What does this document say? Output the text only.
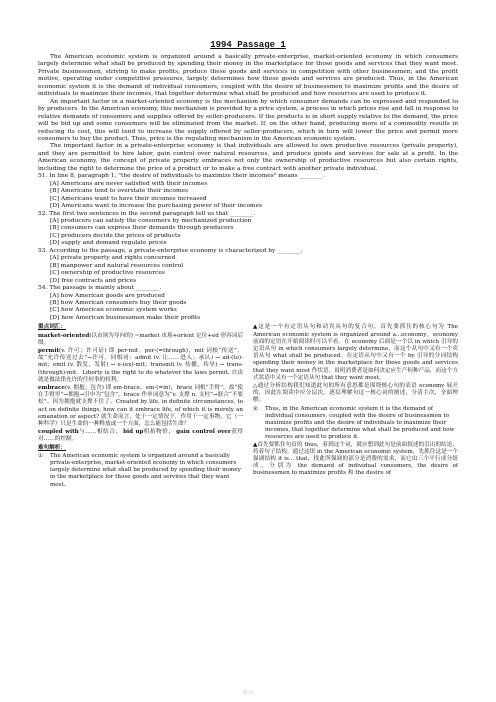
1994 Passage 1

The American economic system is organized around a basically private-enterprise, market-oriented economy in which consumers largely determine what shall be produced by spending their money in the marketplace for those goods and services that they want most. Private businessmen, striving to make profits, produce these goods and services in competition with other businessmen; and the profit motive, operating under competitive pressures, largely determines how these goods and services are produced. Thus, in the American economic system it is the demand of individual consumers, coupled with the desire of businessmen to maximize profits and the desire of individuals to maximize their incomes, that together determine what shall be produced and how resources are used to produce it.

An important factor in a market-oriented economy is the mechanism by which consumer demands can be expressed and responded to by producers. In the American economy, this mechanism is provided by a price system, a process in which prices rise and fall in response to relative demands of consumers and supplies offered by seller-producers. If the products is in short supply relative to the demand, the price will be bid up and some consumers will be eliminated from the market. If, on the other hand, producing more of a commodity results in reducing its cost, this will tend to increase the supply offered by seller-producers, which in turn will lower the price and permit more consumers to buy the product. Thus, price is the regulating mechanism in the American economic system.

The important factor in a private-enterprise economy is that individuals are allowed to own productive resources (private property), and they are permitted to hire labor, gain control over natural resources, and produce goods and services for sale at a profit. In the American economy, the concept of private property embraces not only the ownership of productive resources but also certain rights, including the right to determine the price of a product or to make a free contract with another private individual.

51. In line 8, paragraph 1, "the desire of individuals to maximize their incomes" means ________.
[A] Americans are never satisfied with their incomes
[B] Americans tend to overstate their incomes
[C] Americans want to have their incomes increased
[D] Americans want to increase the purchasing power of their incomes
52. The first two sentences in the second paragraph tell us that ________.
[A] producers can satisfy the consumers by mechanized production
[B] consumers can express their demands through producers
[C] producers decide the prices of products
[D] supply and demand regulate prices
53. According to the passage, a private-enterprise economy is characterized by ________.
[A] private property and rights concerned
[B] manpower and natural resources control
[C] ownership of productive resources
[D] free contracts and prices
54. The passage is mainly about ________.
[A] how American goods are produced
[B] how American consumers buy their goods
[C] how American economic system works
[D] how American businessmen make their profits

重点词汇：

market-oriented(以市场为导向的) ~market 市场+orient 定位+ed 形容词后缀。

permit(v. 许可；许可证) 即 per-mit。per-(=through)，mit 词根“传送”，故“允许传送过去”→许可。同根词：admit (v. 让……进入；承认) → ad-(to)-mit；emit (v. 散发，发射) → e-(ex)-mit；transmit (v. 传播，传导) → trans-(through)-mit。Liberty is the right to do whatever the laws permit. 自由就是做法律允许的任何事的权利。

embrace(v. 拥抱；包含) 即 em-brace。em-(=in)，brace 词根“手臂”，故“使在手臂里”→拥抱→引申为“包含”。brace 作单词意为“v. 支撑 n. 支柱”→联合“不要松”。因为拥抱就支撑不住了。Created by life, in definite circumstances, to act on definite things, how can it embrace life, of which it is merely an emanation or aspect? 就生命而言，处于一定情况下，作用于一定事物，它（一种科学）只是生命的一种释放或一个方面，怎么能包括生命？

coupled with与……相结合； bid up哄抬物价； gain control over获得对……的控制。

难句解析：

①	The American economic system is organized around a basically private-enterprise, market-oriented economy in which consumers largely determine what shall be produced by spending their money in the marketplace for those goods and services that they want most.

▲这是一个有定语从句和动宾从句的复合句。首先要抓住的核心句为 The American economic system is organized around a...economy。economy 前面的定语在开始阅读时可以不看。在 economy 后面是一个以 in which 引导的定语从句 in which consumers largely determine，而这个从句中又有一个宾语从句 what shall be produced。在定语从句中又有一个 by 引导的分词结构 spending their money in the marketplace for those goods and services that they want most 作状语，说明消费者是如何决定应生产何种产品，而这个方式状语中又有一个定语从句 that they want most。

△通过分析结构我们知道此句的所有意思都是围绕核心句的表语 economy 展开的，因此在阅读中应分层次，逐层理解句这一核心词的阐述，分清主次，全面理解。

②	Thus, in the American economic system it is the demand of individual consumers, coupled with the desire of businessmen to maximize profits and the desire of individuals to maximize their incomes, that together determine what shall be produced and how resources are used to produce it.

▲首先要抓住句首的 thus，着到这个词，就应想到此句是前面叙述的引出的结论，将着句子结构。通过这组 in the American economic system，先抓住这是一个强调结构 it is... that，找此所强调的部分是消费的需求，而它由三个平行成分组成，分别为 the demand of individual consumers, the desire of businessmen to maximize profits 和 the desire of

第1页
